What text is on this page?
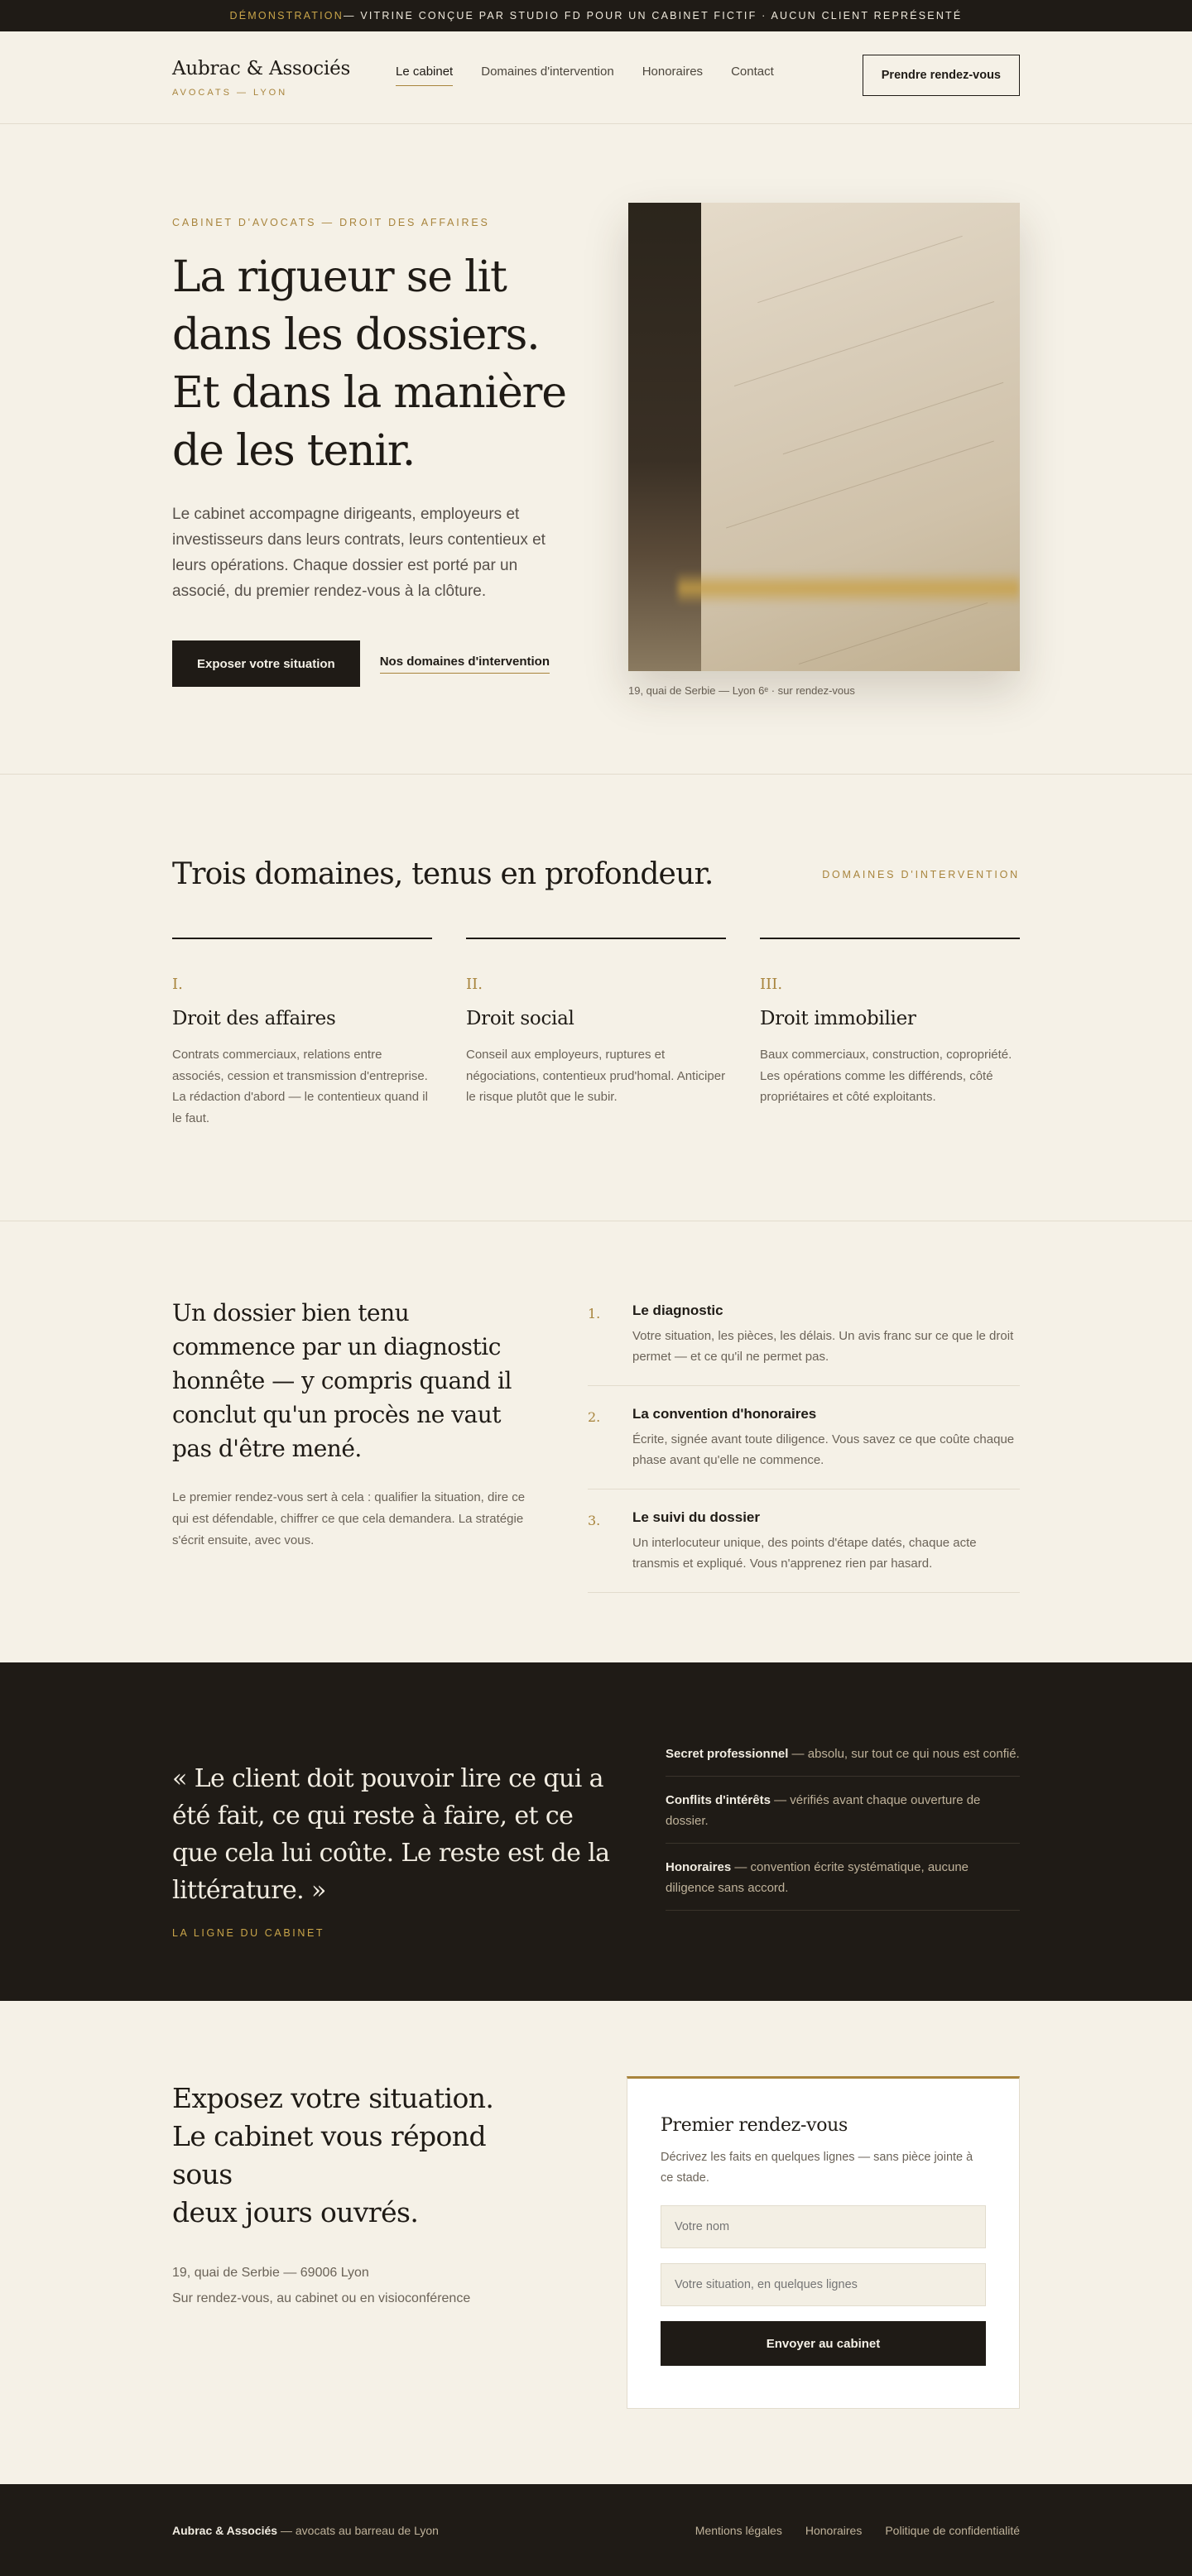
DÉMONSTRATION — VITRINE CONÇUE PAR STUDIO FD POUR UN CABINET FICTIF · AUCUN CLIENT REPRÉSENTÉ
Aubrac & Associés
AVOCATS — LYON
Le cabinet Domaines d'intervention Honoraires Contact	Prendre rendez-vous
CABINET D'AVOCATS — DROIT DES AFFAIRES
La rigueur se lit
dans les dossiers.
Et dans la manière
de les tenir.

Le cabinet accompagne dirigeants, employeurs et investisseurs dans leurs contrats, leurs contentieux et leurs opérations. Chaque dossier est porté par un associé, du premier rendez-vous à la clôture.

Exposer votre situation	Nos domaines d'intervention
19, quai de Serbie — Lyon 6ᵉ · sur rendez-vous
Trois domaines, tenus en profondeur.	DOMAINES D'INTERVENTION
I.
Droit des affaires
Contrats commerciaux, relations entre associés, cession et transmission d'entreprise. La rédaction d'abord — le contentieux quand il le faut.
II.
Droit social
Conseil aux employeurs, ruptures et négociations, contentieux prud'homal. Anticiper le risque plutôt que le subir.
III.
Droit immobilier
Baux commerciaux, construction, copropriété. Les opérations comme les différends, côté propriétaires et côté exploitants.
Un dossier bien tenu commence par un diagnostic honnête — y compris quand il conclut qu'un procès ne vaut pas d'être mené.

Le premier rendez-vous sert à cela : qualifier la situation, dire ce qui est défendable, chiffrer ce que cela demandera. La stratégie s'écrit ensuite, avec vous.

1.	Le diagnostic
Votre situation, les pièces, les délais. Un avis franc sur ce que le droit permet — et ce qu'il ne permet pas.
2.	La convention d'honoraires
Écrite, signée avant toute diligence. Vous savez ce que coûte chaque phase avant qu'elle ne commence.
3.	Le suivi du dossier
Un interlocuteur unique, des points d'étape datés, chaque acte transmis et expliqué. Vous n'apprenez rien par hasard.
« Le client doit pouvoir lire ce qui a été fait, ce qui reste à faire, et ce que cela lui coûte. Le reste est de la littérature. »
LA LIGNE DU CABINET
Secret professionnel — absolu, sur tout ce qui nous est confié.
Conflits d'intérêts — vérifiés avant chaque ouverture de dossier.
Honoraires — convention écrite systématique, aucune diligence sans accord.
Exposez votre situation.
Le cabinet vous répond sous
deux jours ouvrés.
19, quai de Serbie — 69006 Lyon
Sur rendez-vous, au cabinet ou en visioconférence
Premier rendez-vous

Décrivez les faits en quelques lignes — sans pièce jointe à ce stade.

Votre nom
Votre situation, en quelques lignes Envoyer au cabinet
Aubrac & Associés — avocats au barreau de Lyon	Mentions légales Honoraires Politique de confidentialité
